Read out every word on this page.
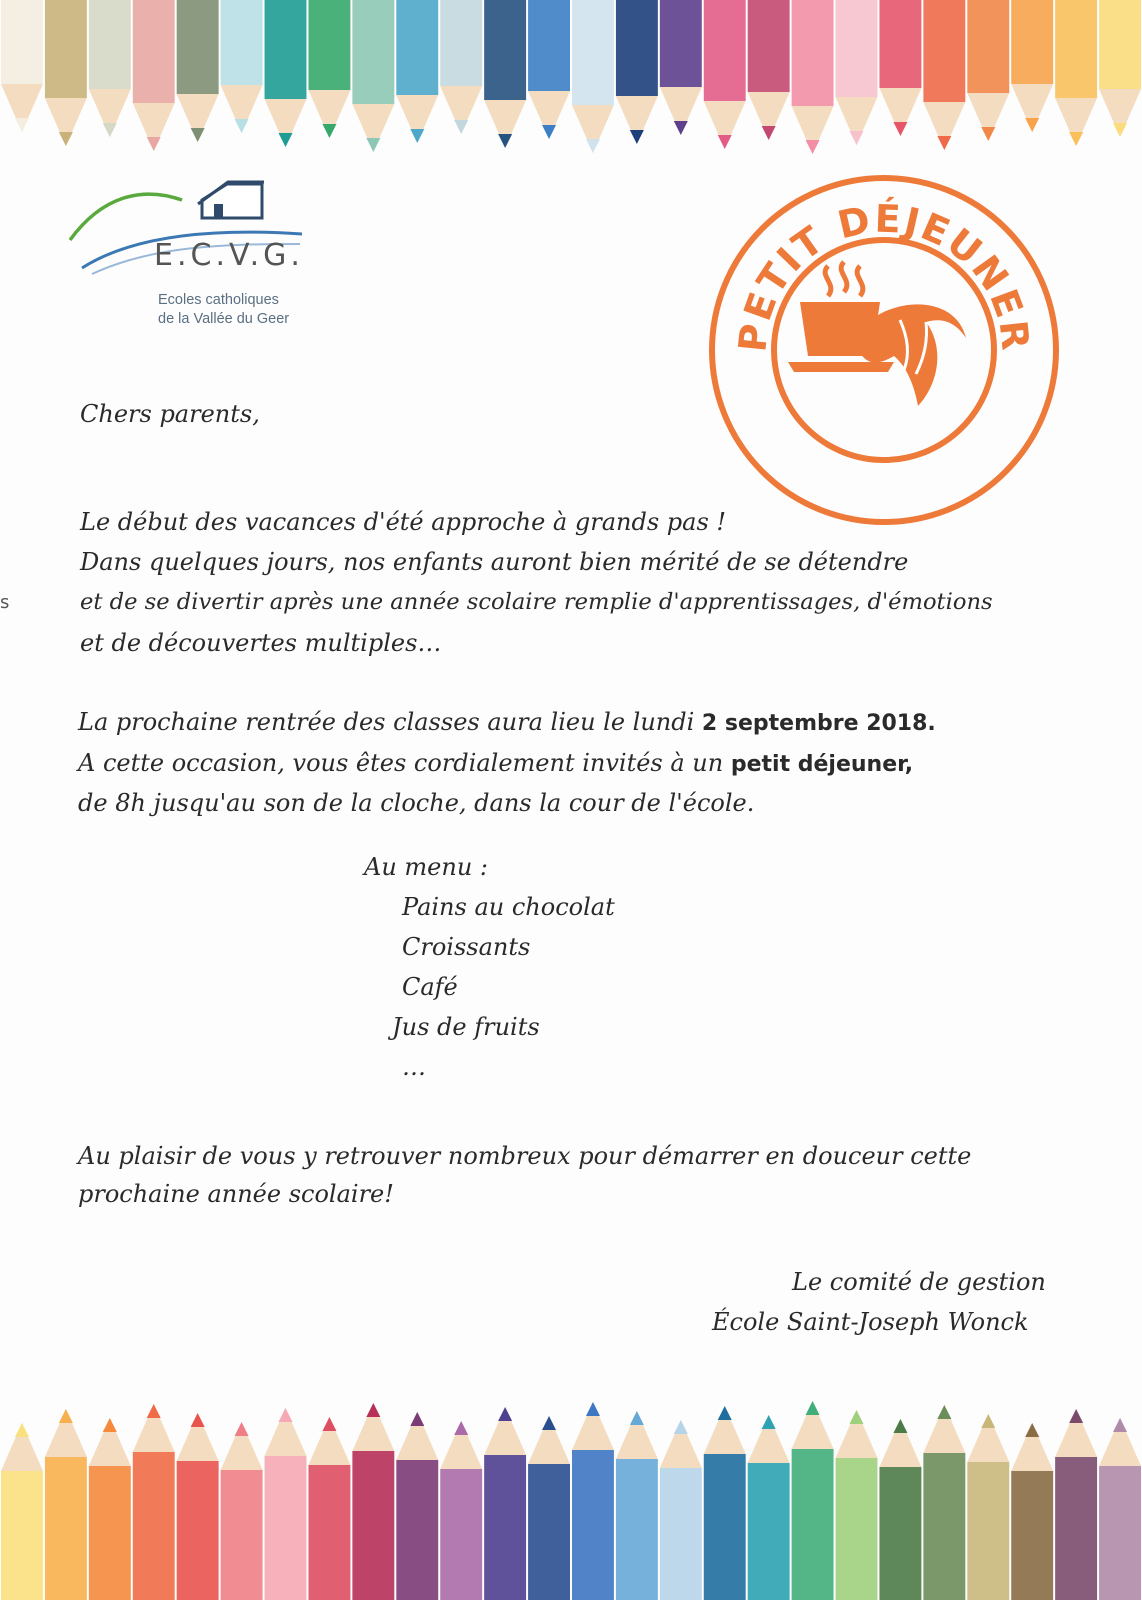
E.C.V.G.
Ecoles catholiques
de la Vallée du Geer
PETIT DÉJEUNER
s

Chers parents,

Le début des vacances d'été approche à grands pas !

Dans quelques jours, nos enfants auront bien mérité de se détendre

et de se divertir après une année scolaire remplie d'apprentissages, d'émotions

et de découvertes multiples…

La prochaine rentrée des classes aura lieu le lundi 2 septembre 2018.

A cette occasion, vous êtes cordialement invités à un petit déjeuner,

de 8h jusqu'au son de la cloche, dans la cour de l'école.

Au menu :

Pains au chocolat

Croissants

Café

Jus de fruits

…

Au plaisir de vous y retrouver nombreux pour démarrer en douceur cette

prochaine année scolaire!

Le comité de gestion

École Saint-Joseph Wonck
